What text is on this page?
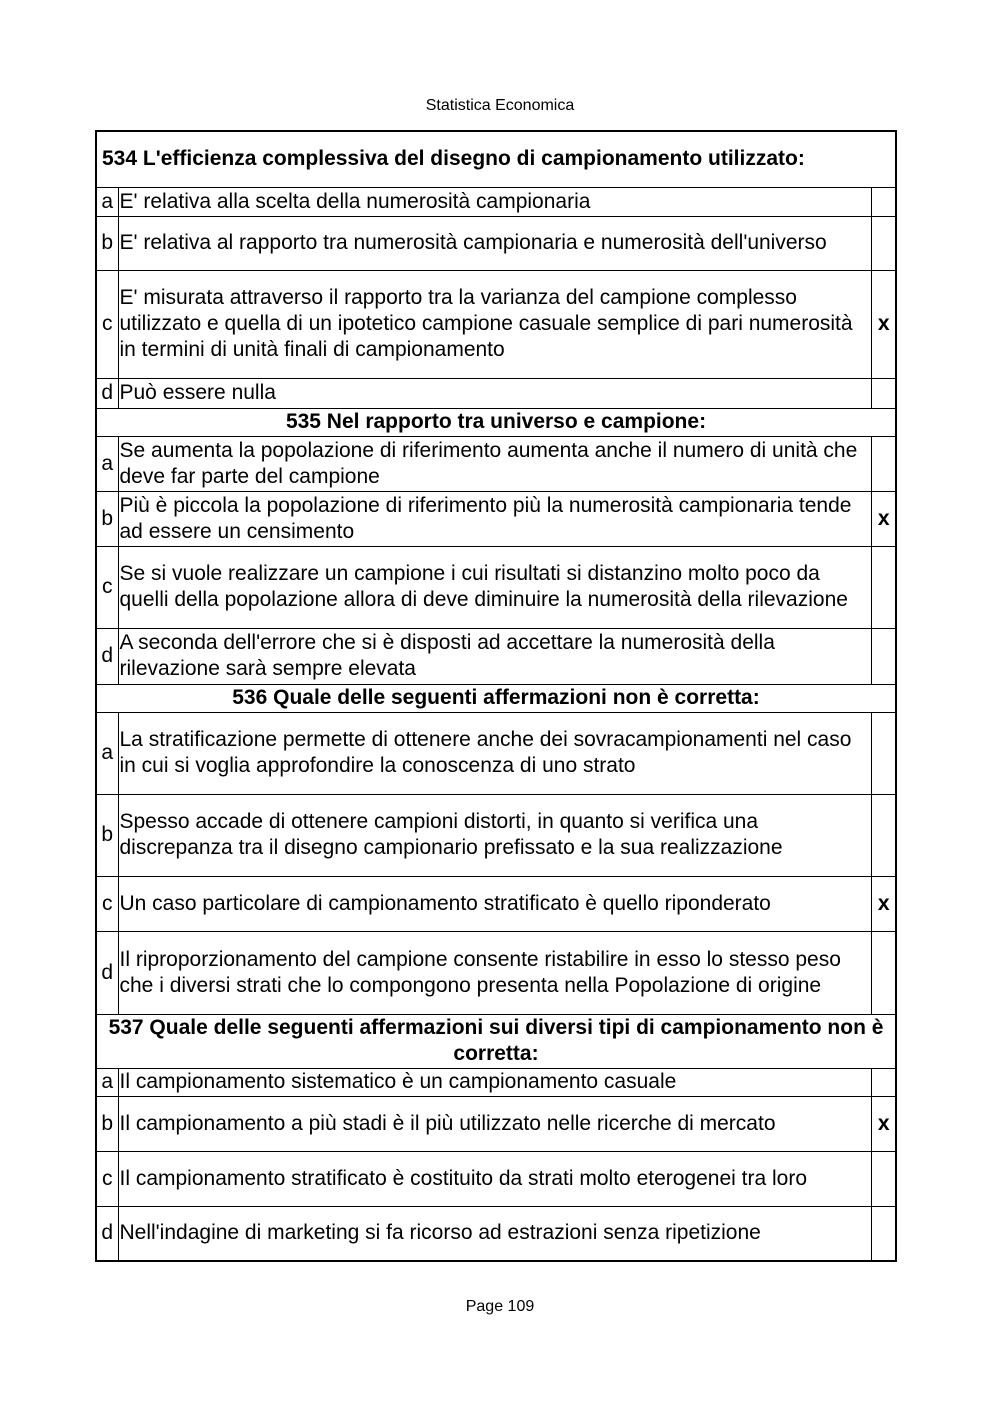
Statistica Economica
534 L'efficienza complessiva del disegno di campionamento utilizzato:		
a	E' relativa alla scelta della numerosità campionaria	
b	E' relativa al rapporto tra numerosità campionaria e numerosità dell'universo	
c	E' misurata attraverso il rapporto tra la varianza del campione complesso utilizzato e quella di un ipotetico campione casuale semplice di pari numerosità in termini di unità finali di campionamento	x
d	Può essere nulla	
535 Nel rapporto tra universo e campione:		
a	Se aumenta la popolazione di riferimento aumenta anche il numero di unità che deve far parte del campione	
b	Più è piccola la popolazione di riferimento più la numerosità campionaria tende ad essere un censimento	x
c	Se si vuole realizzare un campione i cui risultati si distanzino molto poco da quelli della popolazione allora di deve diminuire la numerosità della rilevazione	
d	A seconda dell'errore che si è disposti ad accettare la numerosità della rilevazione sarà sempre elevata	
536 Quale delle seguenti affermazioni non è corretta:		
a	La stratificazione permette di ottenere anche dei sovracampionamenti nel caso in cui si voglia approfondire la conoscenza di uno strato	
b	Spesso accade di ottenere campioni distorti, in quanto si verifica una discrepanza tra il disegno campionario prefissato e la sua realizzazione	
c	Un caso particolare di campionamento stratificato è quello riponderato	x
d	Il riproporzionamento del campione consente ristabilire in esso lo stesso peso che i diversi strati che lo compongono presenta nella Popolazione di origine	
537 Quale delle seguenti affermazioni sui diversi tipi di campionamento non è corretta:		
a	Il campionamento sistematico è un campionamento casuale	
b	Il campionamento a più stadi è il più utilizzato nelle ricerche di mercato	x
c	Il campionamento stratificato è costituito da strati molto eterogenei tra loro	
d	Nell'indagine di marketing si fa ricorso ad estrazioni senza ripetizione	
Page 109
